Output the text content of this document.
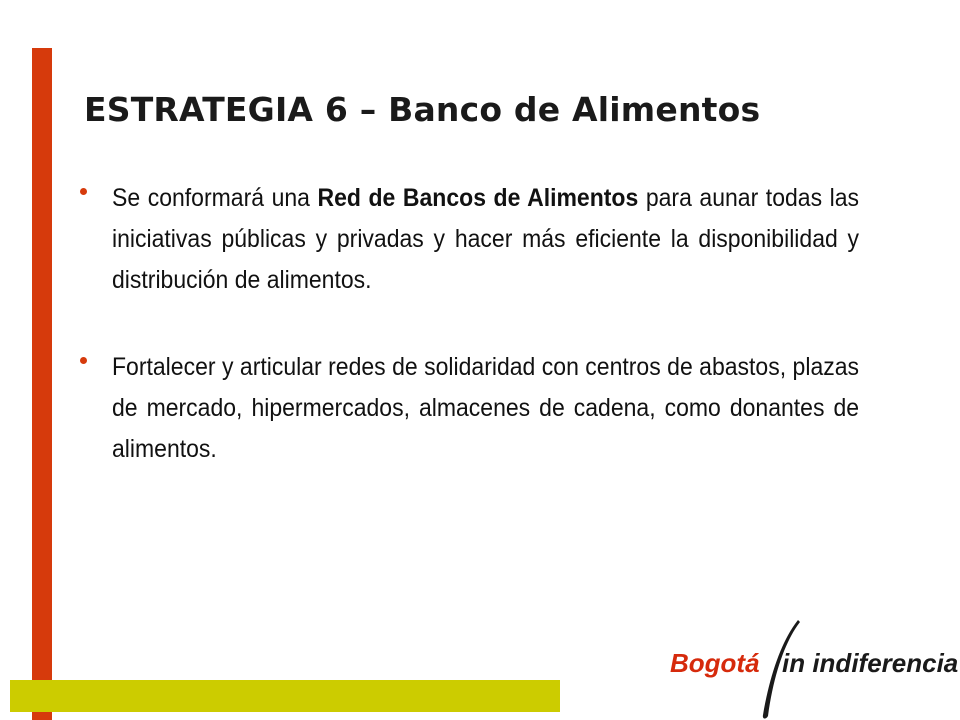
ESTRATEGIA 6 – Banco de Alimentos
Se conformará una Red de Bancos de Alimentos para aunar todas las iniciativas públicas y privadas y hacer más eficiente la disponibilidad y distribución de alimentos.
Fortalecer y articular redes de solidaridad con centros de abastos, plazas de mercado, hipermercados, almacenes de cadena, como donantes de alimentos.
Bogotá in indiferencia
